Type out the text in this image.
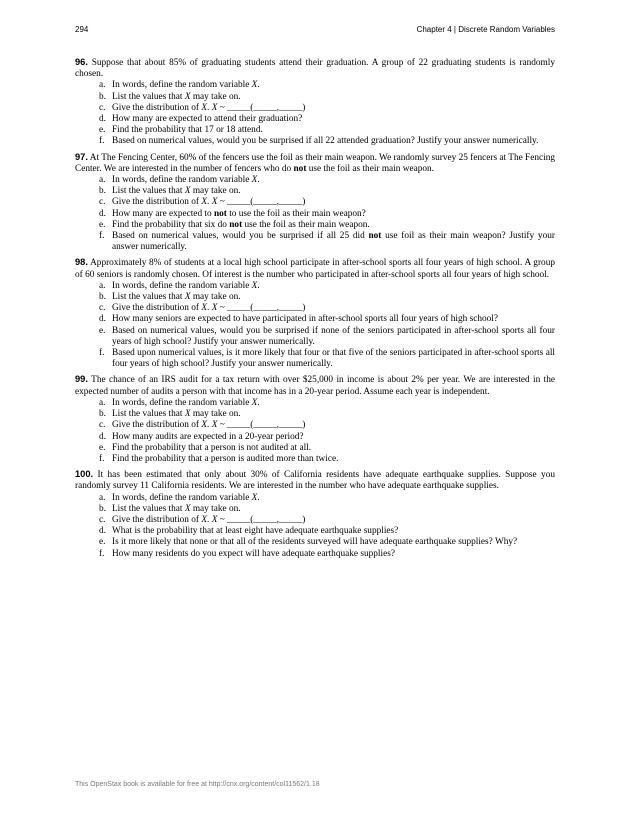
294	Chapter 4 | Discrete Random Variables

96. Suppose that about 85% of graduating students attend their graduation. A group of 22 graduating students is randomly chosen.

a. In words, define the random variable X.
b. List the values that X may take on.
c. Give the distribution of X. X ~ _____(_____,_____)
d. How many are expected to attend their graduation?
e. Find the probability that 17 or 18 attend.
f. Based on numerical values, would you be surprised if all 22 attended graduation? Justify your answer numerically.

97. At The Fencing Center, 60% of the fencers use the foil as their main weapon. We randomly survey 25 fencers at The Fencing Center. We are interested in the number of fencers who do not use the foil as their main weapon.

a. In words, define the random variable X.
b. List the values that X may take on.
c. Give the distribution of X. X ~ _____(_____,_____)
d. How many are expected to not to use the foil as their main weapon?
e. Find the probability that six do not use the foil as their main weapon.
f. Based on numerical values, would you be surprised if all 25 did not use foil as their main weapon? Justify your answer numerically.

98. Approximately 8% of students at a local high school participate in after-school sports all four years of high school. A group of 60 seniors is randomly chosen. Of interest is the number who participated in after-school sports all four years of high school.

a. In words, define the random variable X.
b. List the values that X may take on.
c. Give the distribution of X. X ~ _____(_____,_____)
d. How many seniors are expected to have participated in after-school sports all four years of high school?
e. Based on numerical values, would you be surprised if none of the seniors participated in after-school sports all four years of high school? Justify your answer numerically.
f. Based upon numerical values, is it more likely that four or that five of the seniors participated in after-school sports all four years of high school? Justify your answer numerically.

99. The chance of an IRS audit for a tax return with over $25,000 in income is about 2% per year. We are interested in the expected number of audits a person with that income has in a 20-year period. Assume each year is independent.

a. In words, define the random variable X.
b. List the values that X may take on.
c. Give the distribution of X. X ~ _____(_____,_____)
d. How many audits are expected in a 20-year period?
e. Find the probability that a person is not audited at all.
f. Find the probability that a person is audited more than twice.

100. It has been estimated that only about 30% of California residents have adequate earthquake supplies. Suppose you randomly survey 11 California residents. We are interested in the number who have adequate earthquake supplies.

a. In words, define the random variable X.
b. List the values that X may take on.
c. Give the distribution of X. X ~ _____(_____,_____)
d. What is the probability that at least eight have adequate earthquake supplies?
e. Is it more likely that none or that all of the residents surveyed will have adequate earthquake supplies? Why?
f. How many residents do you expect will have adequate earthquake supplies?
This OpenStax book is available for free at http://cnx.org/content/col11562/1.18
